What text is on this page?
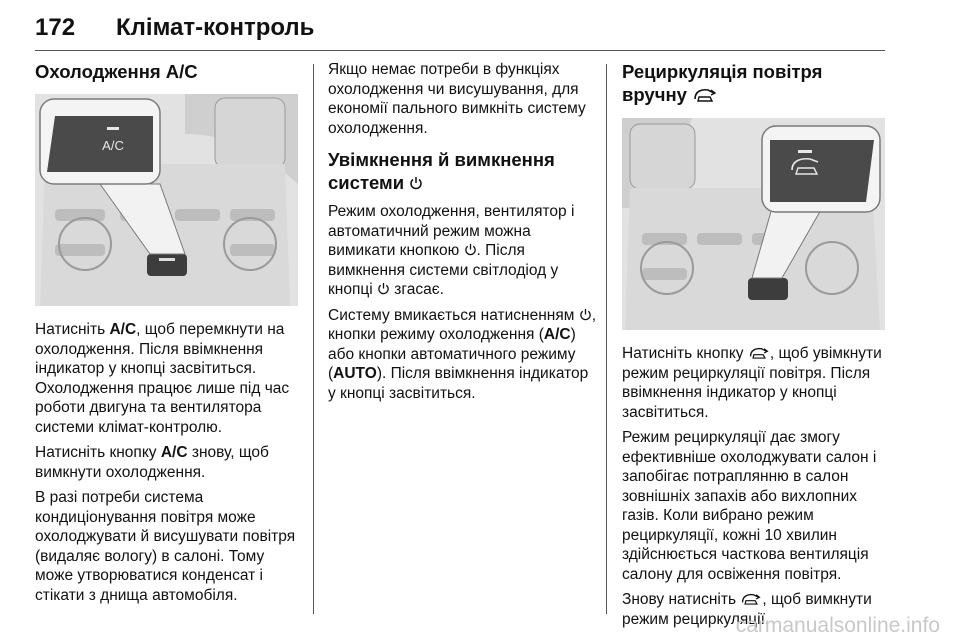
172 Клімат-контроль
Охолодження A/C
A/C

Натисніть A/C, щоб перемкнути на охолодження. Після ввімкнення індикатор у кнопці засвітиться. Охолодження працює лише під час роботи двигуна та вентилятора системи клімат-контролю.

Натисніть кнопку A/C знову, щоб вимкнути охолодження.

В разі потреби система кондиціонування повітря може охолоджувати й висушувати повітря (видаляє вологу) в салоні. Тому може утворюватися конденсат і стікати з днища автомобіля.

Якщо немає потреби в функціях охолодження чи висушування, для економії пального вимкніть систему охолодження.

Увімкнення й вимкнення системи

Режим охолодження, вентилятор і автоматичний режим можна вимикати кнопкою . Після вимкнення системи світлодіод у кнопці  згасає.

Систему вмикається натисненням , кнопки режиму охолодження (A/C) або кнопки автоматичного режиму (AUTO). Після ввімкнення індикатор у кнопці засвітиться.

Рециркуляція повітря вручну

Натисніть кнопку , щоб увімкнути режим рециркуляції повітря. Після ввімкнення індикатор у кнопці засвітиться.

Режим рециркуляції дає змогу ефективніше охолоджувати салон і запобігає потраплянню в салон зовнішніх запахів або вихлопних газів. Коли вибрано режим рециркуляції, кожні 10 хвилин здійснюється часткова вентиляція салону для освіження повітря.

Знову натисніть , щоб вимкнути режим рециркуляції.

carmanualsonline.info
